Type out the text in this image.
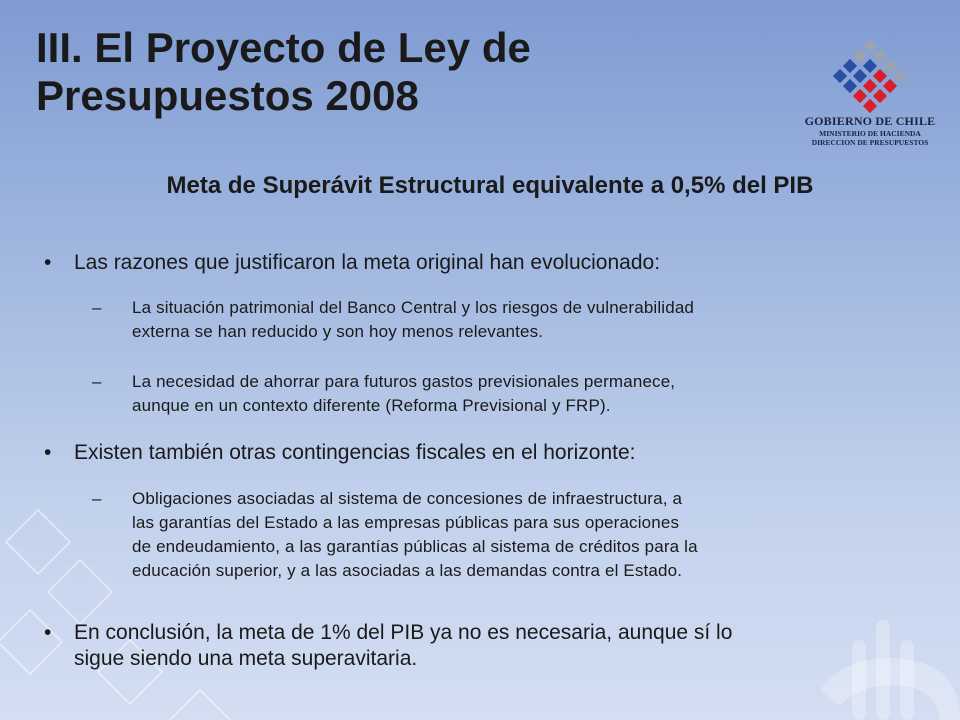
III. El Proyecto de Ley de
Presupuestos 2008
GOBIERNO DE CHILE
MINISTERIO DE HACIENDA
DIRECCION DE PRESUPUESTOS
Meta de Superávit Estructural equivalente a 0,5% del PIB
• Las razones que justificaron la meta original han evolucionado:
– La situación patrimonial del Banco Central y los riesgos de vulnerabilidad
externa se han reducido y son hoy menos relevantes.
– La necesidad de ahorrar para futuros gastos previsionales permanece,
aunque en un contexto diferente (Reforma Previsional y FRP).
• Existen también otras contingencias fiscales en el horizonte:
– Obligaciones asociadas al sistema de concesiones de infraestructura, a
las garantías del Estado a las empresas públicas para sus operaciones
de endeudamiento, a las garantías públicas al sistema de créditos para la
educación superior, y a las asociadas a las demandas contra el Estado.
• En conclusión, la meta de 1% del PIB ya no es necesaria, aunque sí lo
sigue siendo una meta superavitaria.
